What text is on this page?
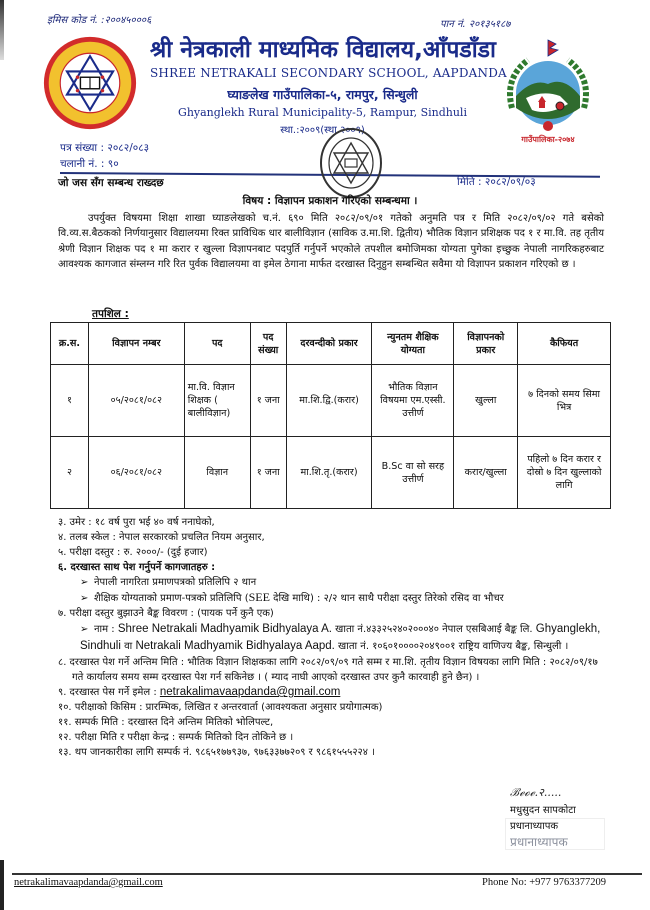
इमिस कोड नं. :२००४५०००६	पान नं. २०१३५१८७
गाउँपालिका-२०७४
श्री नेत्रकाली माध्यमिक विद्यालय,आँपडाँडा
SHREE NETRAKALI SECONDARY SCHOOL, AAPDANDA
घ्याङलेख गाउँपालिका-५, रामपुर, सिन्धुली
Ghyanglekh Rural Municipality-5, Rampur, Sindhuli
स्था.:२००९(स्था.२००९)
पत्र संख्या : २०८२/०८३
चलानी नं. : ९०
मिति : २०८२/०९/०३
जो जस सँग सम्बन्ध राख्दछ
विषय : विज्ञापन प्रकाशन गरिएको सम्बन्धमा ।
उपर्युक्त विषयमा शिक्षा शाखा घ्याङलेखको च.नं. ६९० मिति २०८२/०९/०१ गतेको अनुमति पत्र र मिति २०८२/०९/०२ गते बसेको वि.व्य.स.बैठकको निर्णयानुसार विद्यालयमा रिक्त प्राविधिक धार बालीविज्ञान (साविक उ.मा.शि. द्वितीय) भौतिक विज्ञान प्रशिक्षक पद १ र मा.वि. तह तृतीय श्रेणी विज्ञान शिक्षक पद १ मा करार र खुल्ला विज्ञापनबाट पदपुर्ति गर्नुपर्ने भएकोले तपशील बमोजिमका योग्यता पुगेका इच्छुक नेपाली नागरिकहरुबाट आवश्यक कागजात संम्लग्न गरि रित पुर्वक विद्यालयमा वा इमेल ठेगाना मार्फत दरखास्त दिनुहुन सम्बन्धित सवैमा यो विज्ञापन प्रकाशन गरिएको छ ।
तपशिल :
क्र.स.	विज्ञापन नम्बर	पद	पद संख्या	दरवन्दीको प्रकार	न्युनतम शैक्षिक योग्यता	विज्ञापनको प्रकार	कैफियत
१	०५/२०८१/०८२	मा.वि. विज्ञान शिक्षक ( बालीविज्ञान)	१ जना	मा.शि.द्वि.(करार)	भौतिक विज्ञान विषयमा एम.एस्सी. उत्तीर्ण	खुल्ला	७ दिनको समय सिमा भित्र
२	०६/२०८१/०८२	विज्ञान	१ जना	मा.शि.तृ.(करार)	B.Sc वा सो सरह उत्तीर्ण	करार/खुल्ला	पहिलो ७ दिन करार र दोस्रो ७ दिन खुल्लाको लागि
३. उमेर : १८ वर्ष पुरा भई ४० वर्ष ननाघेको,
४. तलब स्केल : नेपाल सरकारको प्रचलित नियम अनुसार,
५. परीक्षा दस्तुर : रु. २०००/- (दुई हजार)
६. दरखास्त साथ पेश गर्नुपर्ने कागजातहरु :
➢ नेपाली नागरिता प्रमाणपत्रको प्रतिलिपि २ थान
➢ शैक्षिक योग्यताको प्रमाण-पत्रको प्रतिलिपि (SEE देखि माथि) : २/२ थान साथै परीक्षा दस्तुर तिरेको रसिद वा भौचर
७. परीक्षा दस्तुर बुझाउने बैङ्क विवरण : (पायक पर्ने कुनै एक)
➢ नाम : Shree Netrakali Madhyamik Bidhyalaya A. खाता नं.४३३२५२४०२०००४० नेपाल एसबिआई बैङ्क लि. Ghyanglekh, Sindhuli वा Netrakali Madhyamik Bidhyalaya Aapd. खाता नं. १०६०१००००२०४९००१ राष्ट्रिय वाणिज्य बैङ्क, सिन्धुली ।
८. दरखास्त पेश गर्ने अन्तिम मिति : भौतिक विज्ञान शिक्षकका लागि २०८२/०९/०९ गते सम्म र मा.शि. तृतीय विज्ञान विषयका लागि मिति : २०८२/०९/१७ गते कार्यालय समय सम्म दरखास्त पेश गर्न सकिनेछ । ( म्याद नाघी आएको दरखास्त उपर कुनै कारवाही हुने छैन) ।
९. दरखास्त पेस गर्ने इमेल : netrakalimavaapdanda@gmail.com
१०. परीक्षाको किसिम : प्रारम्भिक, लिखित र अन्तरवार्ता (आवश्यकता अनुसार प्रयोगात्मक)
११. सम्पर्क मिति : दरखास्त दिने अन्तिम मितिको भोलिपल्ट,
१२. परीक्षा मिति र परीक्षा केन्द्र : सम्पर्क मितिको दिन तोकिने छ ।
१३. थप जानकारीका लागि सम्पर्क नं. ९८६५१७७९३७, ९७६३३७७२०९ र ९८६१५५५२२४ ।
ℬℯℴℯ.२.....
मधुसुदन सापकोटा
प्रधानाध्यापक
प्रधानाध्यापक
netrakalimavaapdanda@gmail.com	Phone No: +977 9763377209
